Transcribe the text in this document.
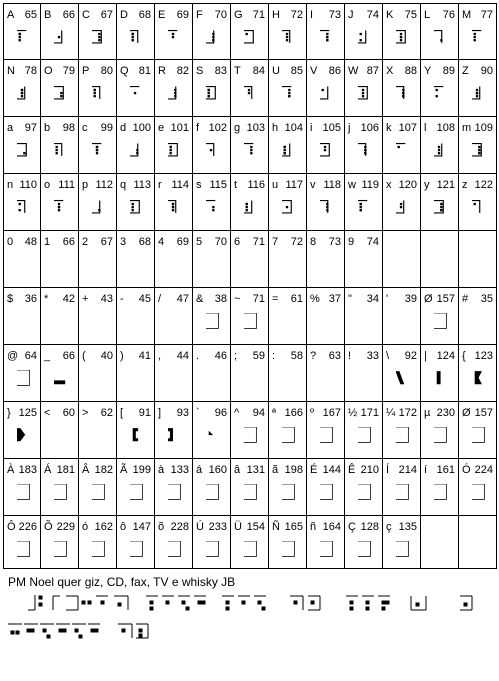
A 65 B 66 C 67 D 68 E 69 F 70 G 71 H 72 I 73 J 74 K 75 L 76 M 77
N 78 O 79 P 80 Q 81 R 82 S 83 T 84 U 85 V 86 W 87 X 88 Y 89 Z 90
a 97 b 98 c 99 d 100 e 101 f 102 g 103 h 104 i 105 j 106 k 107 l 108 m 109
n 110 o 111 p 112 q 113 r 114 s 115 t 116 u 117 v 118 w 119 x 120 y 121 z 122
0 48 1 66 2 67 3 68 4 69 5 70 6 71 7 72 8 73 9 74
$ 36 * 42 + 43 - 45 / 47 & 38 ~ 71 = 61 % 37 " 34 ' 39 Ø 157 # 35
@ 64 _ 66 ( 40 ) 41 , 44 . 46 ; 59 : 58 ? 63 ! 33 \ 92 | 124 { 123
} 125 < 60 > 62 [ 91 ] 93 ` 96 ^ 94 ª 166 º 167 ½ 171 ¼ 172 µ 230 Ø 157
À 183 Á 181 Â 182 Ã 199 à 133 á 160 â 131 ã 198 É 144 Ê 210 Í 214 í 161 Ó 224
Ô 226 Õ 229 ó 162 ô 147 õ 228 Ú 233 Ü 154 Ñ 165 ñ 164 Ç 128 ç 135
PM Noel quer giz, CD, fax, TV e whisky JB
